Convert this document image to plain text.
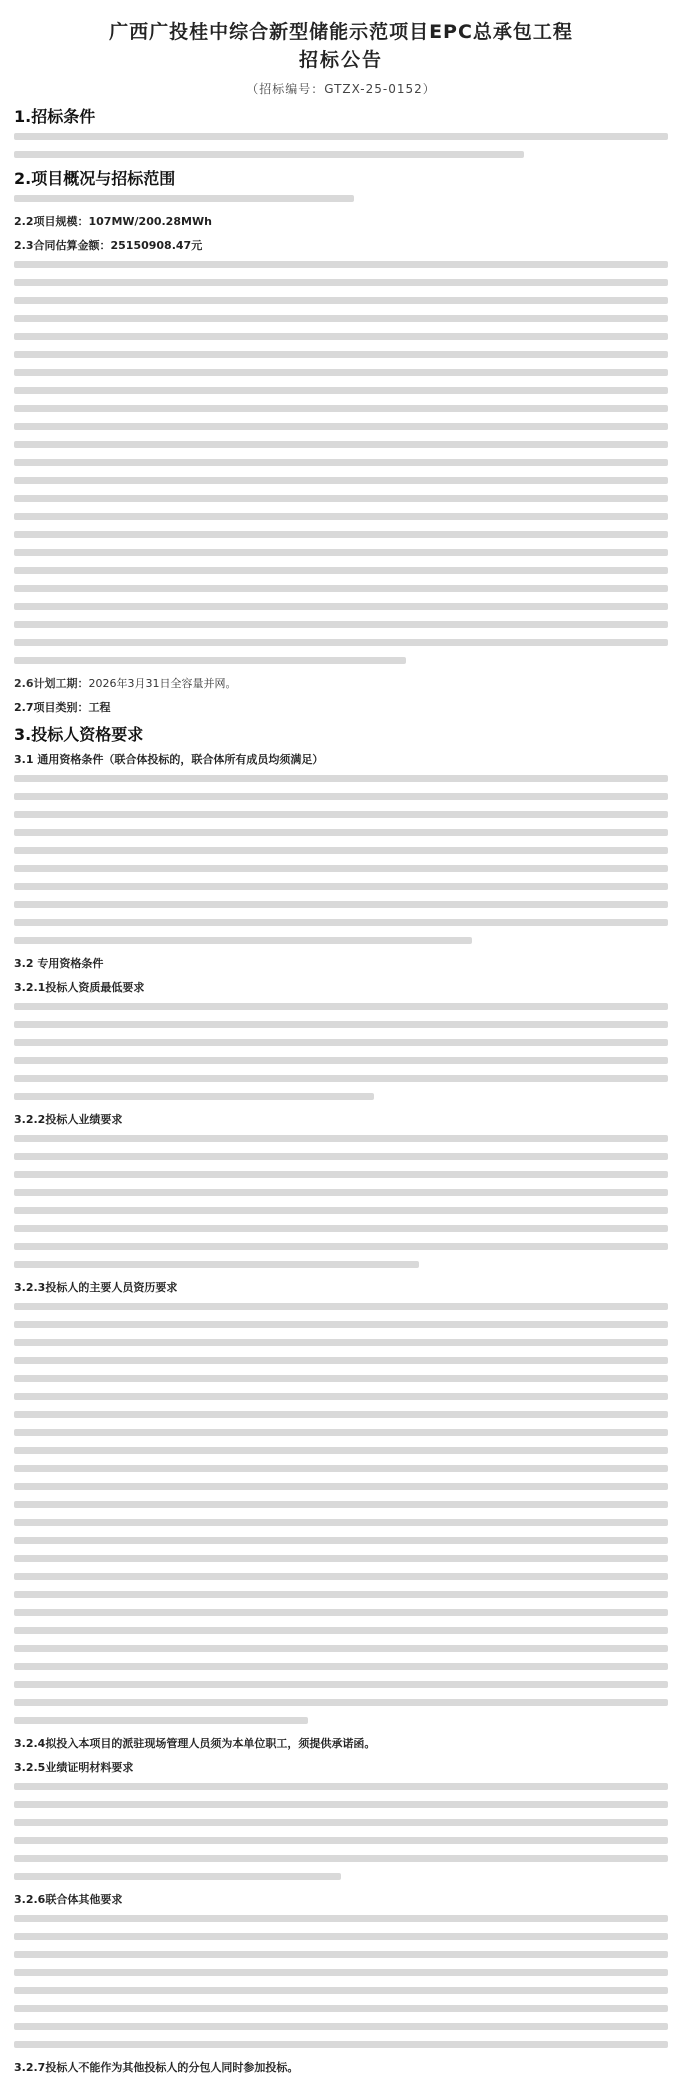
广西广投桂中综合新型储能示范项目EPC总承包工程
招标公告
（招标编号：GTZX-25-0152）
1.招标条件
2.项目概况与招标范围

2.2项目规模：107MW/200.28MWh

2.3合同估算金额：25150908.47元

2.6计划工期：2026年3月31日全容量并网。

2.7项目类别：工程

3.投标人资格要求

3.1 通用资格条件（联合体投标的，联合体所有成员均须满足）

3.2 专用资格条件

3.2.1投标人资质最低要求

3.2.2投标人业绩要求

3.2.3投标人的主要人员资历要求

3.2.4拟投入本项目的派驻现场管理人员须为本单位职工，须提供承诺函。

3.2.5业绩证明材料要求

3.2.6联合体其他要求

3.2.7投标人不能作为其他投标人的分包人同时参加投标。
